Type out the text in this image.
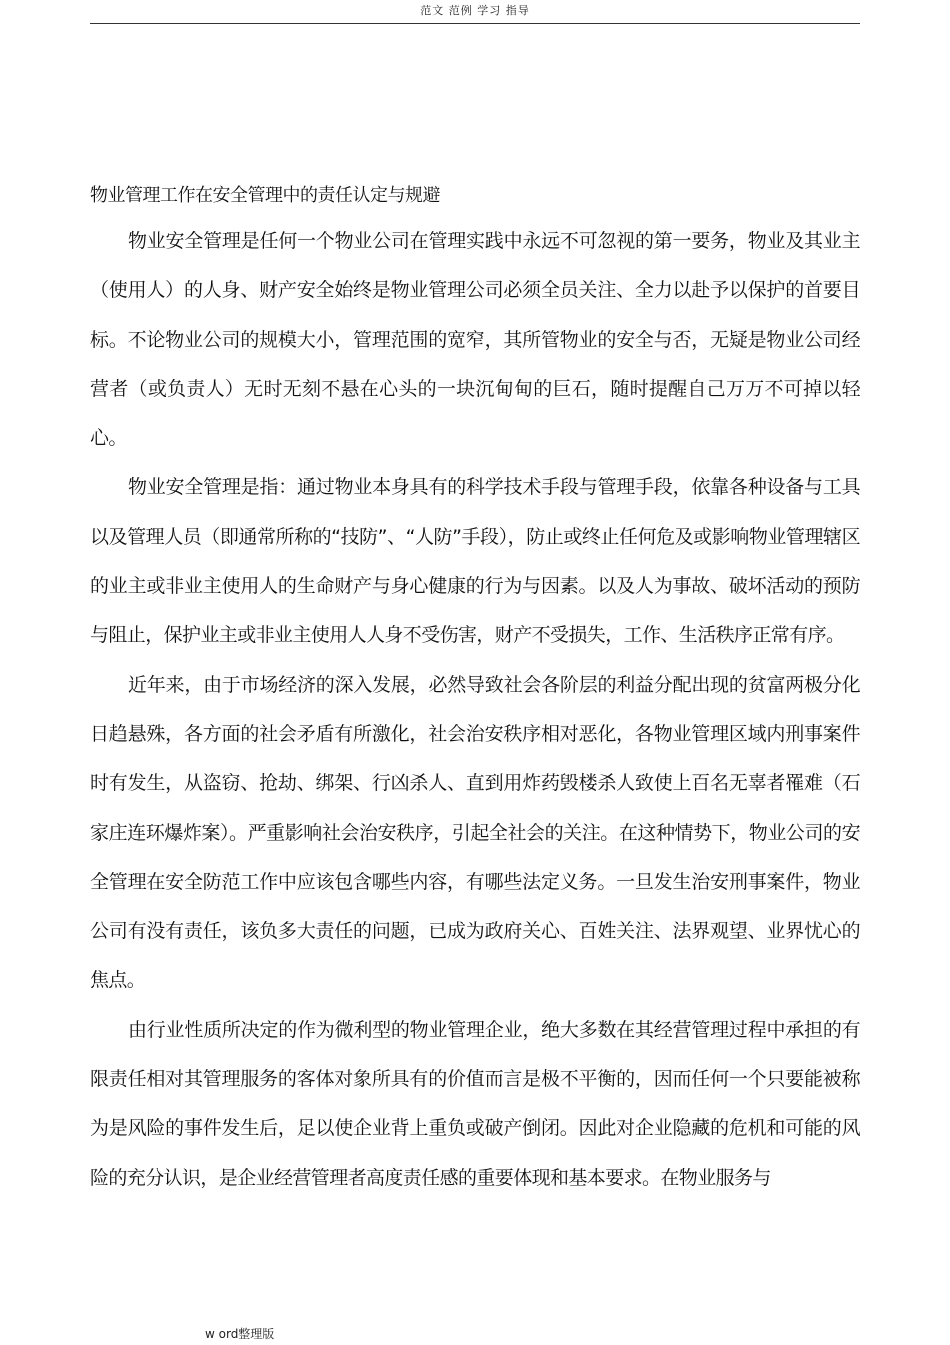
范文 范例 学习 指导
物业管理工作在安全管理中的责任认定与规避

物业安全管理是任何一个物业公司在管理实践中永远不可忽视的第一要务，物业及其业主（使用人）的人身、财产安全始终是物业管理公司必须全员关注、全力以赴予以保护的首要目标。不论物业公司的规模大小，管理范围的宽窄，其所管物业的安全与否，无疑是物业公司经营者（或负责人）无时无刻不悬在心头的一块沉甸甸的巨石，随时提醒自己万万不可掉以轻心。

物业安全管理是指：通过物业本身具有的科学技术手段与管理手段，依靠各种设备与工具以及管理人员（即通常所称的“技防”、“人防”手段），防止或终止任何危及或影响物业管理辖区的业主或非业主使用人的生命财产与身心健康的行为与因素。以及人为事故、破坏活动的预防与阻止，保护业主或非业主使用人人身不受伤害，财产不受损失，工作、生活秩序正常有序。

近年来，由于市场经济的深入发展，必然导致社会各阶层的利益分配出现的贫富两极分化日趋悬殊，各方面的社会矛盾有所激化，社会治安秩序相对恶化，各物业管理区域内刑事案件时有发生，从盗窃、抢劫、绑架、行凶杀人、直到用炸药毁楼杀人致使上百名无辜者罹难（石家庄连环爆炸案）。严重影响社会治安秩序，引起全社会的关注。在这种情势下，物业公司的安全管理在安全防范工作中应该包含哪些内容，有哪些法定义务。一旦发生治安刑事案件，物业公司有没有责任，该负多大责任的问题，已成为政府关心、百姓关注、法界观望、业界忧心的焦点。

由行业性质所决定的作为微利型的物业管理企业，绝大多数在其经营管理过程中承担的有限责任相对其管理服务的客体对象所具有的价值而言是极不平衡的，因而任何一个只要能被称为是风险的事件发生后，足以使企业背上重负或破产倒闭。因此对企业隐藏的危机和可能的风险的充分认识，是企业经营管理者高度责任感的重要体现和基本要求。在物业服务与

w ord整理版
